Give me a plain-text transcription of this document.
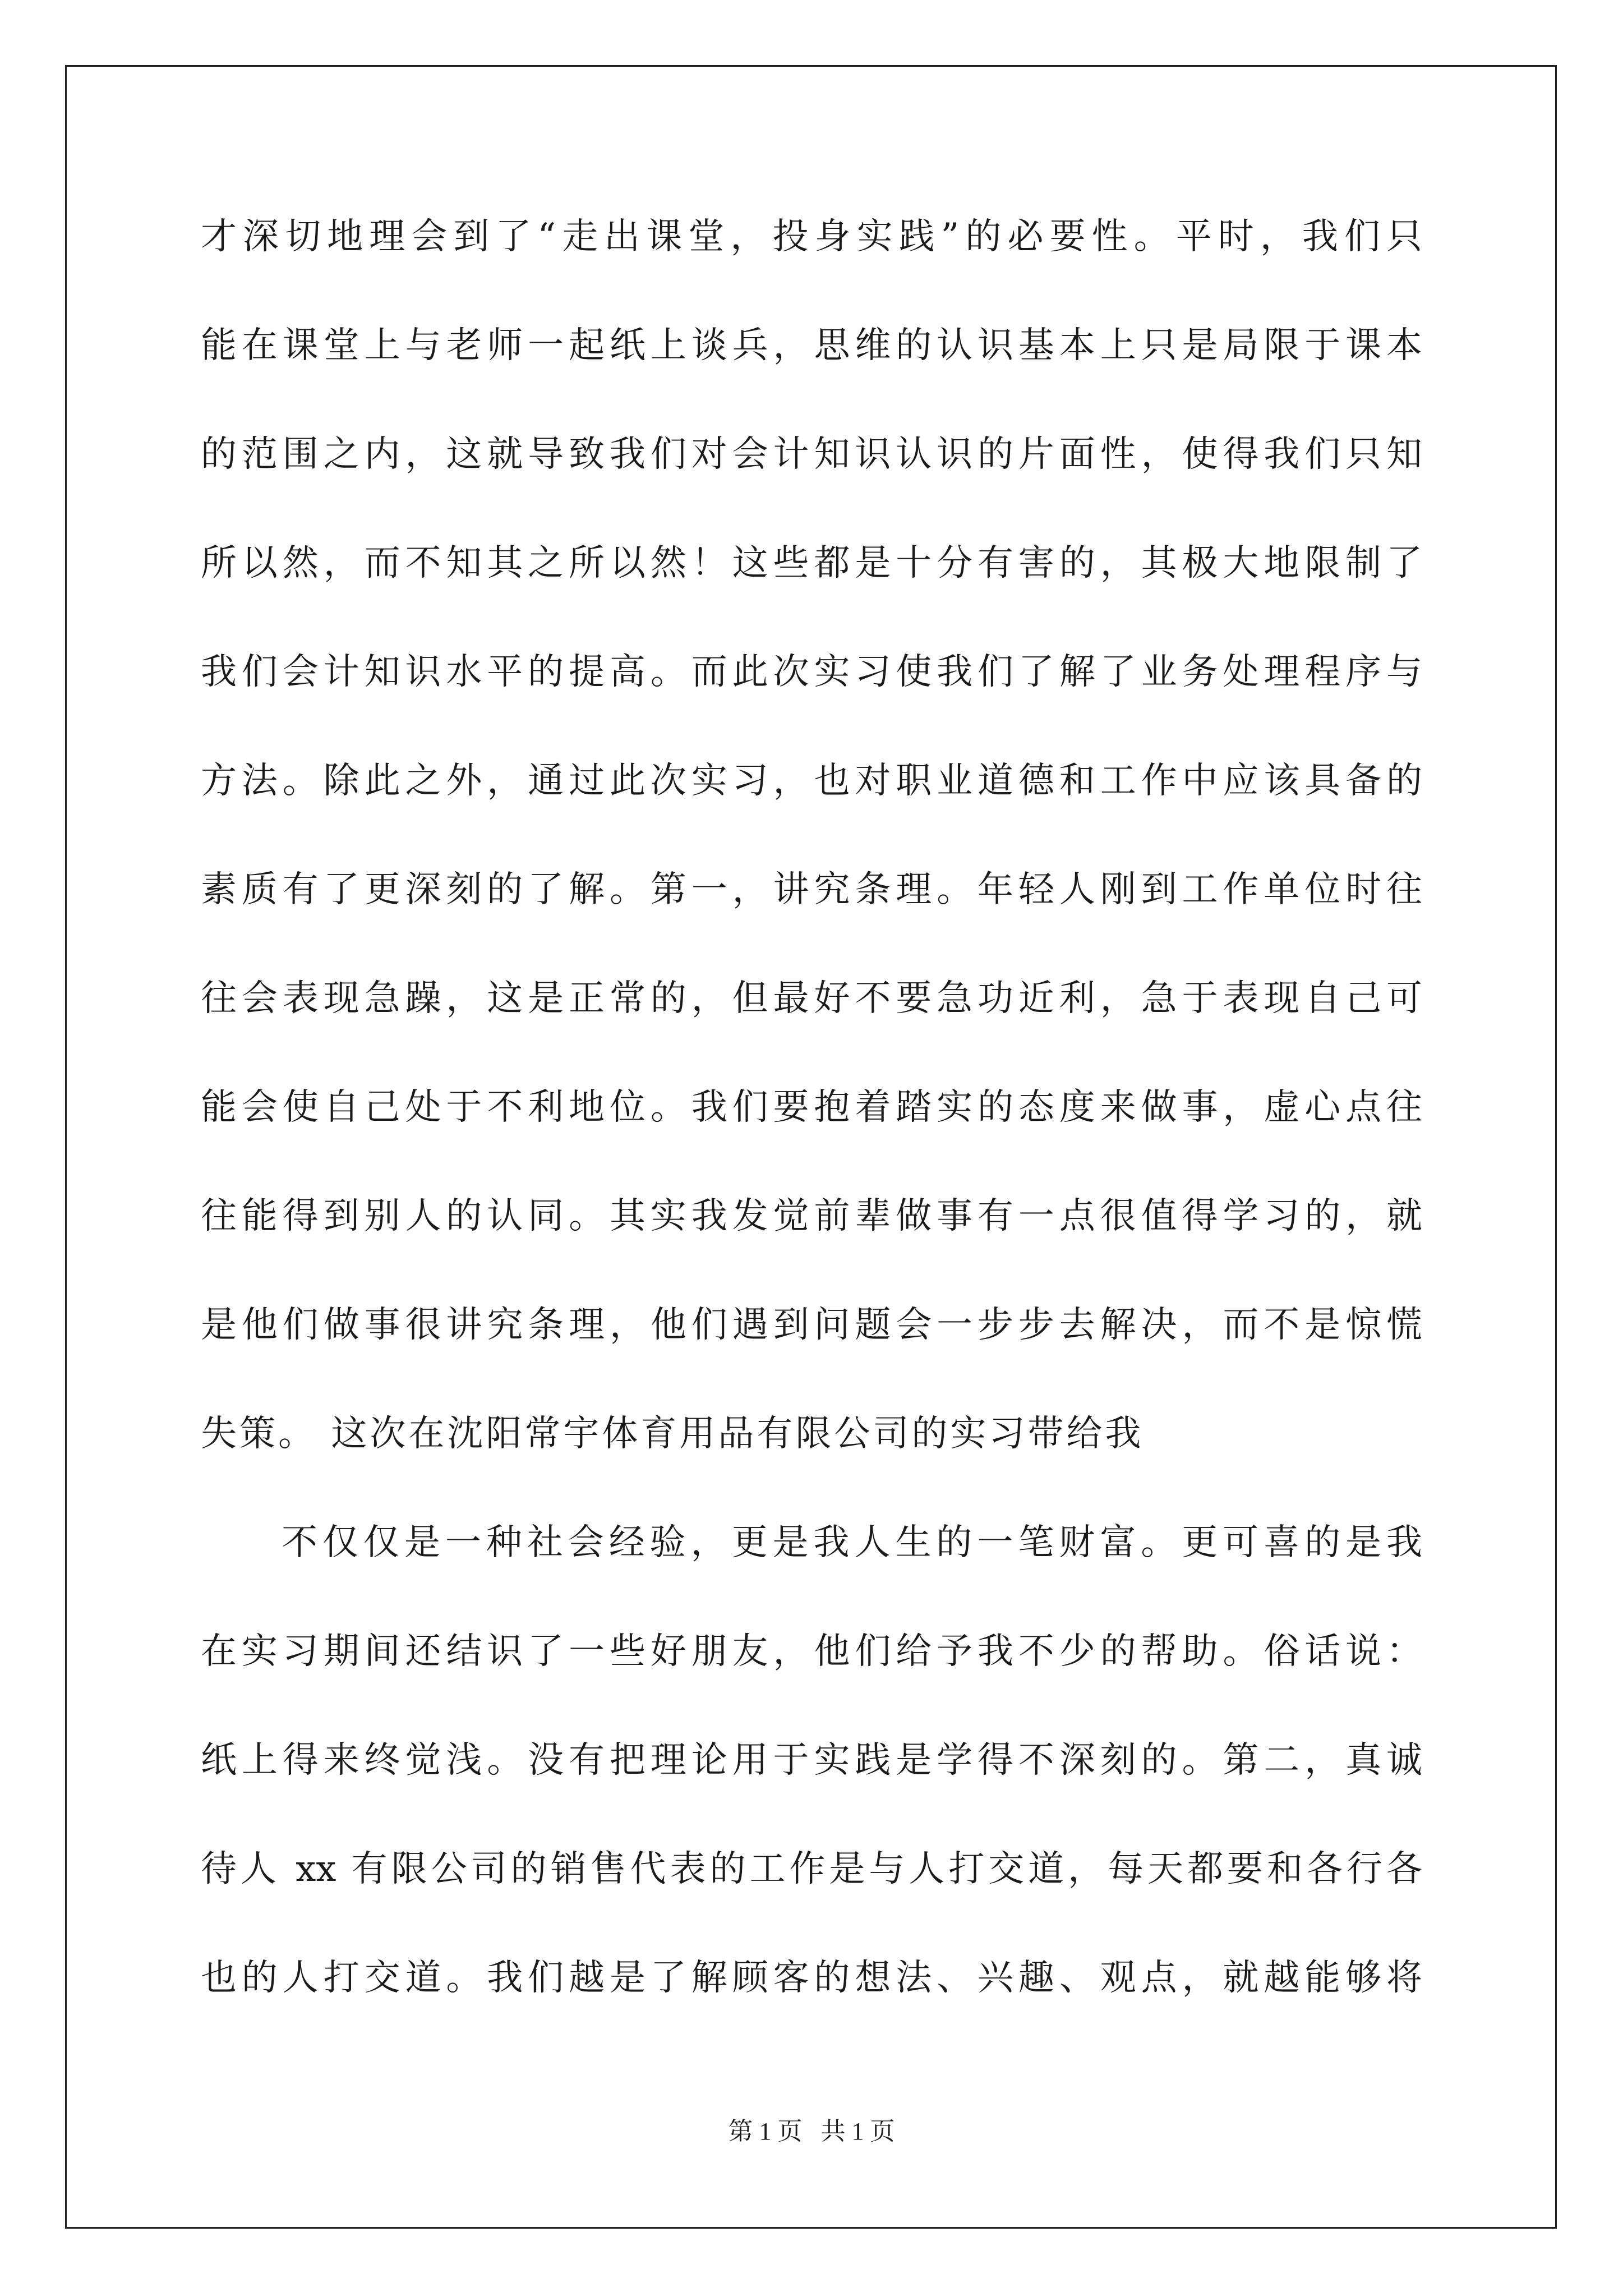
才深切地理会到了“走出课堂，投身实践”的必要性。平时，我们只
能在课堂上与老师一起纸上谈兵，思维的认识基本上只是局限于课本
的范围之内，这就导致我们对会计知识认识的片面性，使得我们只知
所以然，而不知其之所以然！这些都是十分有害的，其极大地限制了
我们会计知识水平的提高。而此次实习使我们了解了业务处理程序与
方法。除此之外，通过此次实习，也对职业道德和工作中应该具备的
素质有了更深刻的了解。第一，讲究条理。年轻人刚到工作单位时往
往会表现急躁，这是正常的，但最好不要急功近利，急于表现自己可
能会使自己处于不利地位。我们要抱着踏实的态度来做事，虚心点往
往能得到别人的认同。其实我发觉前辈做事有一点很值得学习的，就
是他们做事很讲究条理，他们遇到问题会一步步去解决，而不是惊慌
失策。 这次在沈阳常宇体育用品有限公司的实习带给我
不仅仅是一种社会经验，更是我人生的一笔财富。更可喜的是我
在实习期间还结识了一些好朋友，他们给予我不少的帮助。俗话说：
纸上得来终觉浅。没有把理论用于实践是学得不深刻的。第二，真诚
待人 xx 有限公司的销售代表的工作是与人打交道，每天都要和各行各
也的人打交道。我们越是了解顾客的想法、兴趣、观点，就越能够将
第 1 页 共 1 页
